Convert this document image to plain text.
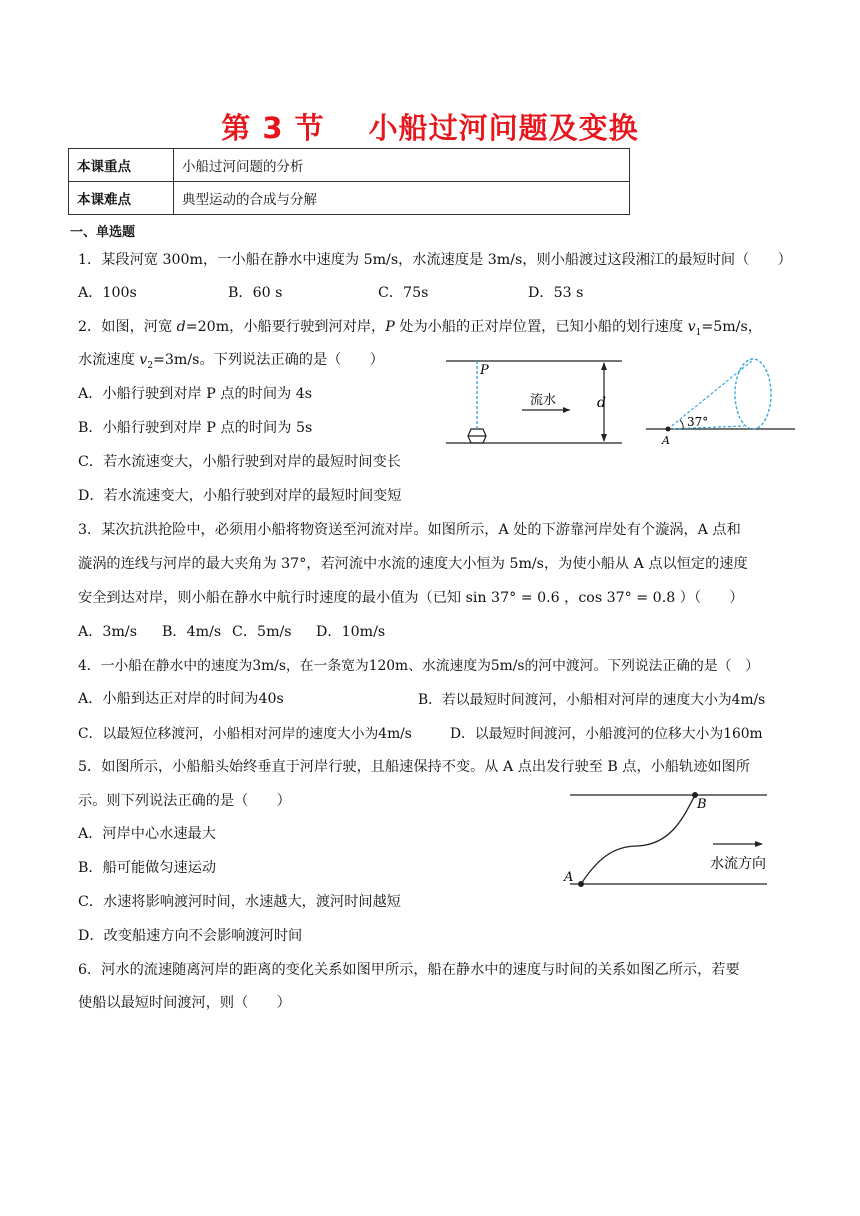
第 3 节 小船过河问题及变换
本课重点	小船过河问题的分析
本课难点	典型运动的合成与分解
一、单选题
1．某段河宽 300m，一小船在静水中速度为 5m/s，水流速度是 3m/s，则小船渡过这段湘江的最短时间（　　）
A．100s	B．60 s	C．75s	D．53 s
2．如图，河宽 d=20m，小船要行驶到河对岸，P 处为小船的正对岸位置，已知小船的划行速度 $v_1=5m/s$，
水流速度 $v_2=3m/s$。下列说法正确的是（　　）
A．小船行驶到对岸 P 点的时间为 4s
B．小船行驶到对岸 P 点的时间为 5s
C．若水流速变大，小船行驶到对岸的最短时间变长
D．若水流速变大，小船行驶到对岸的最短时间变短
P
流水	d
37°
A
3．某次抗洪抢险中，必须用小船将物资送至河流对岸。如图所示，A 处的下游靠河岸处有个漩涡，A 点和
漩涡的连线与河岸的最大夹角为 37°，若河流中水流的速度大小恒为 5m/s，为使小船从 A 点以恒定的速度
安全到达对岸，则小船在静水中航行时速度的最小值为（已知 sin 37° = 0.6 ，cos 37° = 0.8 ）（　　）
A．3m/s B．4m/s C．5m/s D．10m/s
4．一小船在静水中的速度为3m/s，在一条宽为120m、水流速度为5m/s的河中渡河。下列说法正确的是（　）
A．小船到达正对岸的时间为40s	B．若以最短时间渡河，小船相对河岸的速度大小为4m/s
C．以最短位移渡河，小船相对河岸的速度大小为4m/s	D．以最短时间渡河，小船渡河的位移大小为160m
5．如图所示，小船船头始终垂直于河岸行驶，且船速保持不变。从 A 点出发行驶至 B 点，小船轨迹如图所
示。则下列说法正确的是（　　）
A．河岸中心水速最大
B．船可能做匀速运动
C．水速将影响渡河时间，水速越大，渡河时间越短
D．改变船速方向不会影响渡河时间
B
A
水流方向
6．河水的流速随离河岸的距离的变化关系如图甲所示，船在静水中的速度与时间的关系如图乙所示，若要
使船以最短时间渡河，则（　　）
